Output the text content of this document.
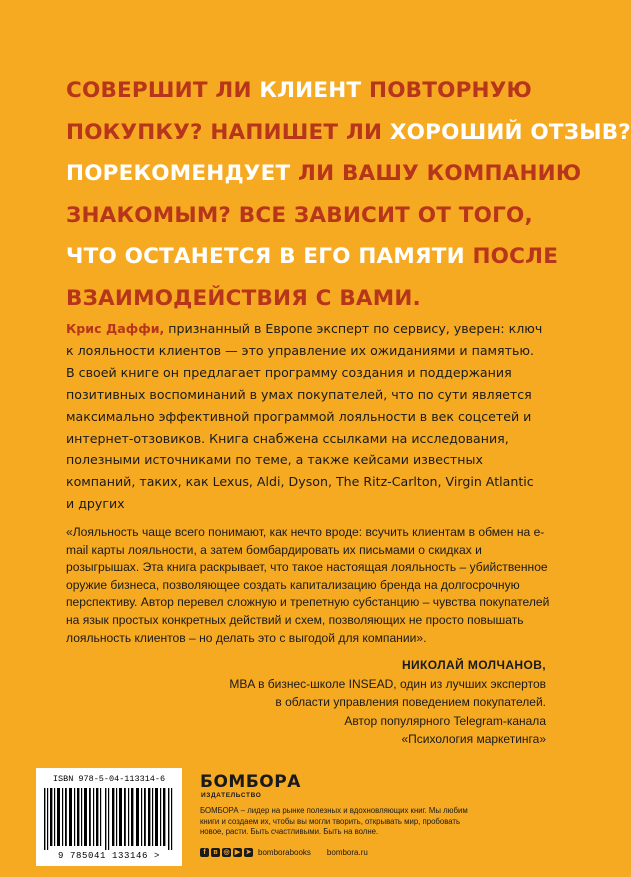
СОВЕРШИТ ЛИ КЛИЕНТ ПОВТОРНУЮ
ПОКУПКУ? НАПИШЕТ ЛИ ХОРОШИЙ ОТЗЫВ?
ПОРЕКОМЕНДУЕТ ЛИ ВАШУ КОМПАНИЮ
ЗНАКОМЫМ? ВСЕ ЗАВИСИТ ОТ ТОГО,
ЧТО ОСТАНЕТСЯ В ЕГО ПАМЯТИ ПОСЛЕ
ВЗАИМОДЕЙСТВИЯ С ВАМИ.
Крис Даффи, признанный в Европе эксперт по сервису, уверен: ключ к лояльности клиентов — это управление их ожиданиями и памятью. В своей книге он предлагает программу создания и поддержания позитивных воспоминаний в умах покупателей, что по сути является максимально эффективной программой лояльности в век соцсетей и интернет-отзовиков. Книга снабжена ссылками на исследования, полезными источниками по теме, а также кейсами известных компаний, таких, как Lexus, Aldi, Dyson, The Ritz-Carlton, Virgin Atlantic и других
«Лояльность чаще всего понимают, как нечто вроде: всучить клиентам в обмен на e-mail карты лояльности, а затем бомбардировать их письмами о скидках и розыгрышах. Эта книга раскрывает, что такое настоящая лояльность – убийственное оружие бизнеса, позволяющее создать капитализацию бренда на долгосрочную перспективу. Автор перевел сложную и трепетную субстанцию – чувства покупателей на язык простых конкретных действий и схем, позволяющих не просто повышать лояльность клиентов – но делать это с выгодой для компании».
НИКОЛАЙ МОЛЧАНОВ,
MBA в бизнес-школе INSEAD, один из лучших экспертов
в области управления поведением покупателей.
Автор популярного Telegram-канала
«Психология маркетинга»
ISBN 978-5-04-113314-6
9 785041 133146 >
БОМБОРА
ИЗДАТЕЛЬСТВО
БОМБОРА – лидер на рынке полезных и вдохновляющих книг. Мы любим книги и создаем их, чтобы вы могли творить, открывать мир, пробовать новое, расти. Быть счастливыми. Быть на волне.
f	в ◎ ▶ ➤ bomborabooks bombora.ru
